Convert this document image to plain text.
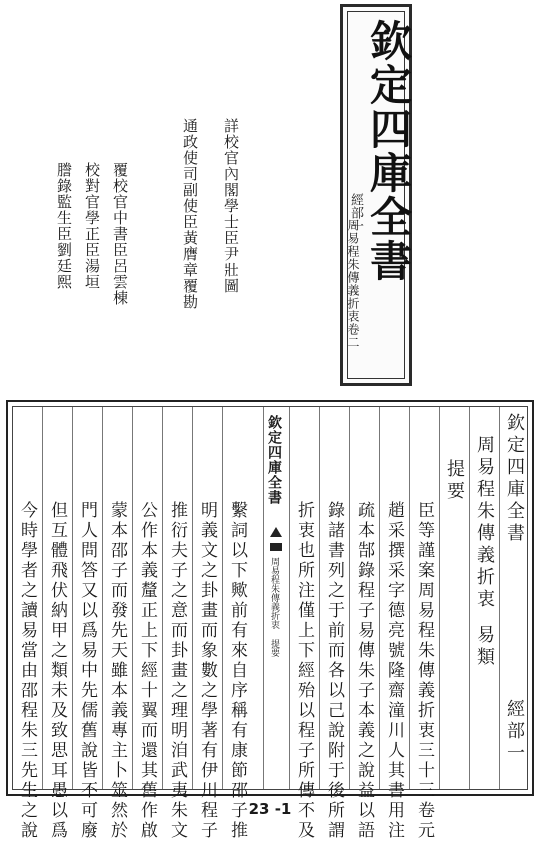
欽定四庫全書
經部一
周易程朱傳義折衷卷二
詳校官內閣學士臣尹壯圖
通政使司副使臣黃膺章覆勘
覆校官中書臣呂雲棟
校對官學正臣湯垣
謄錄監生臣劉廷熙
欽定四庫全書
經部一
周易程朱傳義折衷
易類
提要
臣等謹案周易程朱傳義折衷三十三卷元
趙采撰采字德亮號隆齋潼川人其書用注
疏本郜錄程子易傳朱子本義之說益以語
錄諸書列之于前而各以己說附于後所謂
折衷也所注僅上下經殆以程子所傳不及
繫詞以下歟前有來自序稱有康節邵子推
明義文之卦畫而象數之學著有伊川程子
推衍夫子之意而卦畫之理明洎武夷朱文
公作本義釐正上下經十翼而還其舊作啟
蒙本邵子而發先天雖本義專主卜筮然於
門人問答又以爲易中先儒舊說皆不可廢
但互體飛伏納甲之類未及致思耳愚以爲
今時學者之讀易當由邵程朱三先生之說
欽定四庫全書
周易程朱傳義折衷 提要
23 -1
